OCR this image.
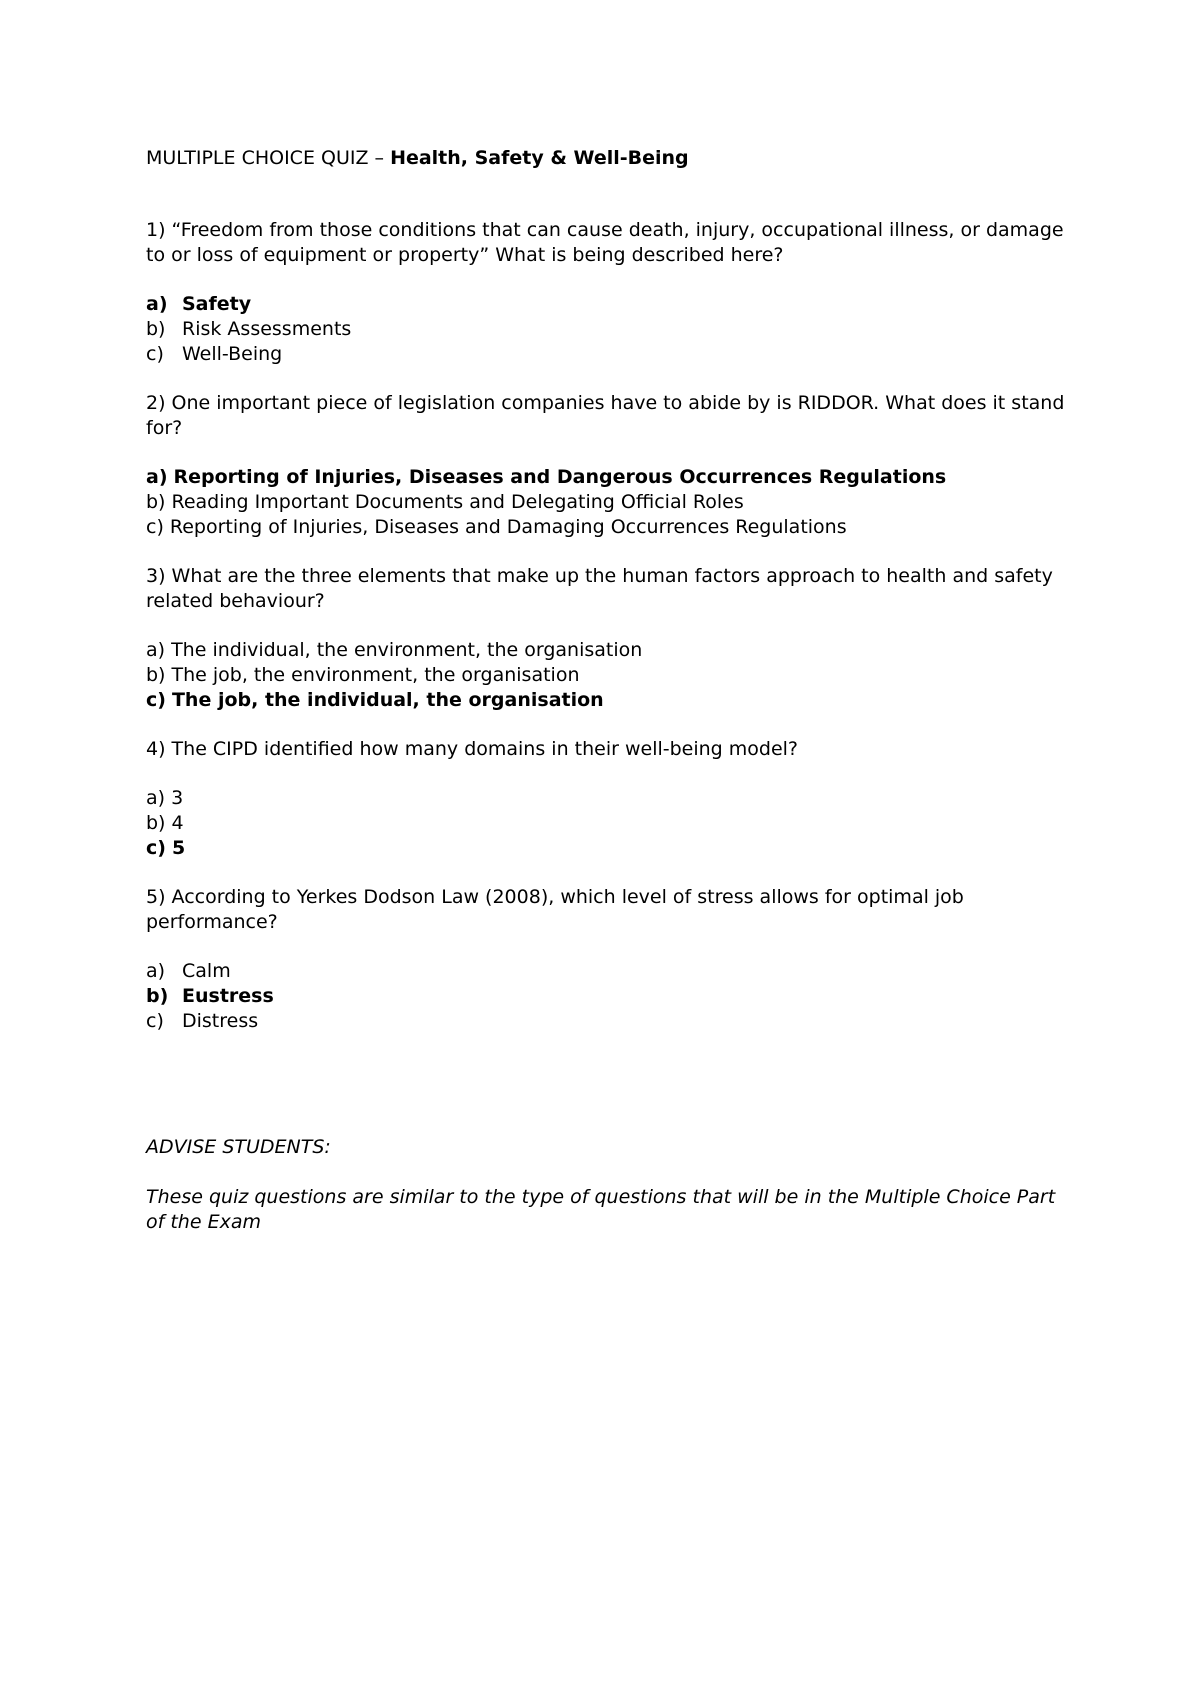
MULTIPLE CHOICE QUIZ – Health, Safety & Well-Being
1) “Freedom from those conditions that can cause death, injury, occupational illness, or damage to or loss of equipment or property” What is being described here?
a) Safety
b) Risk Assessments
c) Well-Being
2) One important piece of legislation companies have to abide by is RIDDOR. What does it stand for?
a) Reporting of Injuries, Diseases and Dangerous Occurrences Regulations
b) Reading Important Documents and Delegating Official Roles
c) Reporting of Injuries, Diseases and Damaging Occurrences Regulations
3) What are the three elements that make up the human factors approach to health and safety related behaviour?
a) The individual, the environment, the organisation
b) The job, the environment, the organisation
c) The job, the individual, the organisation
4) The CIPD identified how many domains in their well-being model?
a) 3
b) 4
c) 5
5) According to Yerkes Dodson Law (2008), which level of stress allows for optimal job performance?
a) Calm
b) Eustress
c) Distress
ADVISE STUDENTS:
These quiz questions are similar to the type of questions that will be in the Multiple Choice Part of the Exam
